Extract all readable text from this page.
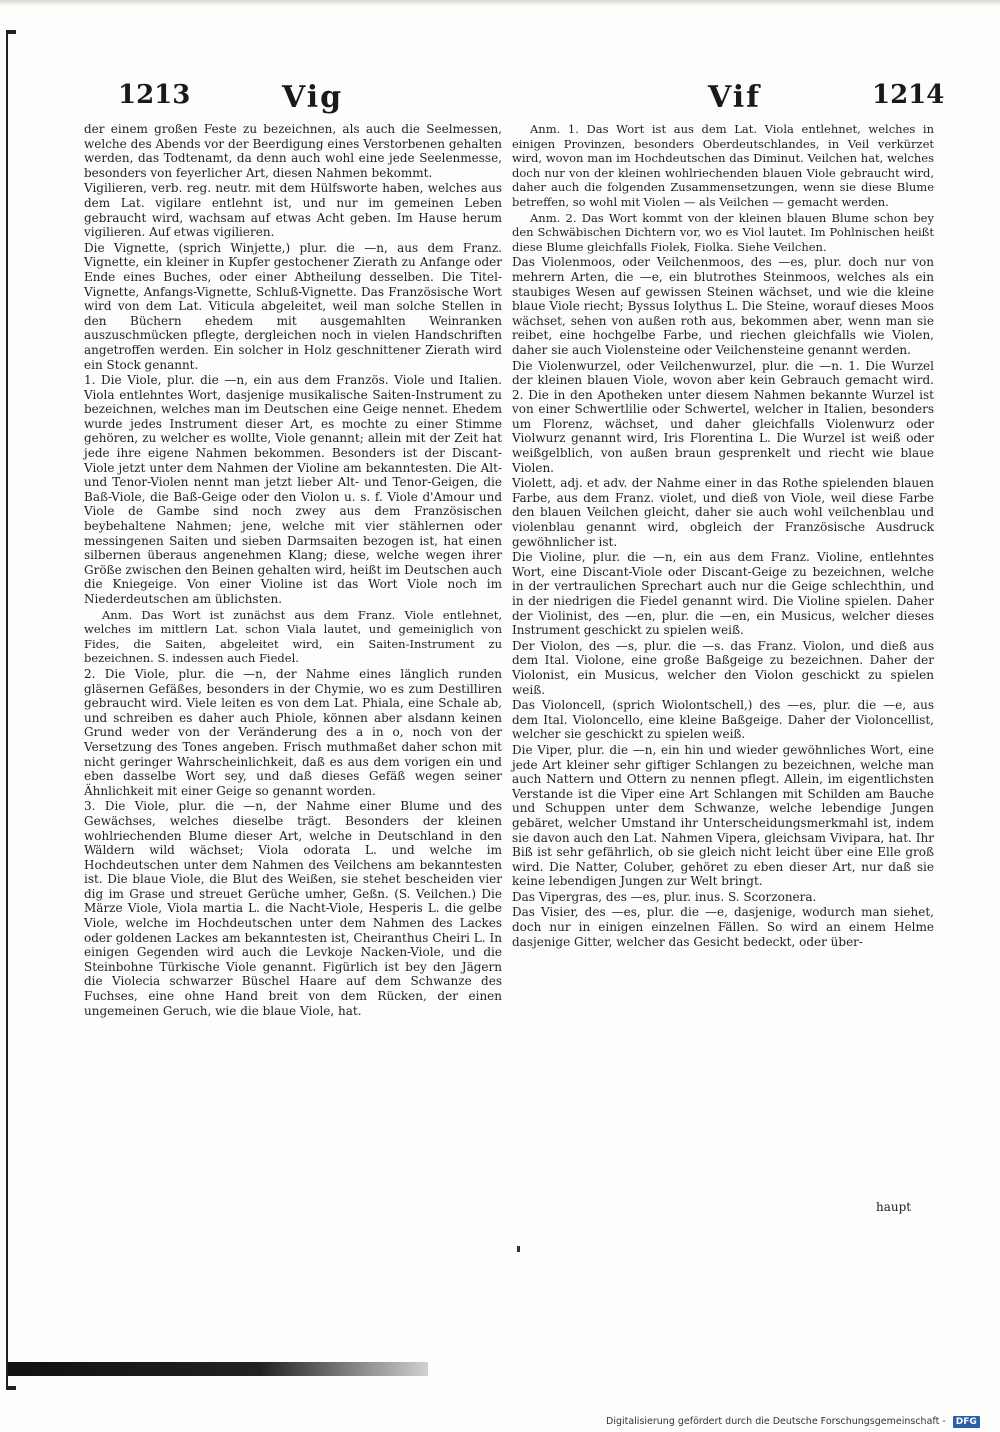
1213	Vig	Vif	1214

der einem großen Feste zu bezeichnen, als auch die Seelmessen, welche des Abends vor der Beerdigung eines Verstorbenen gehalten werden, das Todtenamt, da denn auch wohl eine jede Seelenmesse, besonders von feyerlicher Art, diesen Nahmen bekommt.

Vigilieren, verb. reg. neutr. mit dem Hülfsworte haben, welches aus dem Lat. vigilare entlehnt ist, und nur im gemeinen Leben gebraucht wird, wachsam auf etwas Acht geben. Im Hause herum vigilieren. Auf etwas vigilieren.

Die Vignette, (sprich Winjette,) plur. die —n, aus dem Franz. Vignette, ein kleiner in Kupfer gestochener Zierath zu Anfange oder Ende eines Buches, oder einer Abtheilung desselben. Die Titel-Vignette, Anfangs-Vignette, Schluß-Vignette. Das Französische Wort wird von dem Lat. Viticula abgeleitet, weil man solche Stellen in den Büchern ehedem mit ausgemahlten Weinranken auszuschmücken pflegte, dergleichen noch in vielen Handschriften angetroffen werden. Ein solcher in Holz geschnittener Zierath wird ein Stock genannt.

1. Die Viole, plur. die —n, ein aus dem Französ. Viole und Italien. Viola entlehntes Wort, dasjenige musikalische Saiten-Instrument zu bezeichnen, welches man im Deutschen eine Geige nennet. Ehedem wurde jedes Instrument dieser Art, es mochte zu einer Stimme gehören, zu welcher es wollte, Viole genannt; allein mit der Zeit hat jede ihre eigene Nahmen bekommen. Besonders ist der Discant-Viole jetzt unter dem Nahmen der Violine am bekanntesten. Die Alt- und Tenor-Violen nennt man jetzt lieber Alt- und Tenor-Geigen, die Baß-Viole, die Baß-Geige oder den Violon u. s. f. Viole d'Amour und Viole de Gambe sind noch zwey aus dem Französischen beybehaltene Nahmen; jene, welche mit vier stählernen oder messingenen Saiten und sieben Darmsaiten bezogen ist, hat einen silbernen überaus angenehmen Klang; diese, welche wegen ihrer Größe zwischen den Beinen gehalten wird, heißt im Deutschen auch die Kniegeige. Von einer Violine ist das Wort Viole noch im Niederdeutschen am üblichsten.

Anm. Das Wort ist zunächst aus dem Franz. Viole entlehnet, welches im mittlern Lat. schon Viala lautet, und gemeiniglich von Fides, die Saiten, abgeleitet wird, ein Saiten-Instrument zu bezeichnen. S. indessen auch Fiedel.

2. Die Viole, plur. die —n, der Nahme eines länglich runden gläsernen Gefäßes, besonders in der Chymie, wo es zum Destilliren gebraucht wird. Viele leiten es von dem Lat. Phiala, eine Schale ab, und schreiben es daher auch Phiole, können aber alsdann keinen Grund weder von der Veränderung des a in o, noch von der Versetzung des Tones angeben. Frisch muthmaßet daher schon mit nicht geringer Wahrscheinlichkeit, daß es aus dem vorigen ein und eben dasselbe Wort sey, und daß dieses Gefäß wegen seiner Ähnlichkeit mit einer Geige so genannt worden.

3. Die Viole, plur. die —n, der Nahme einer Blume und des Gewächses, welches dieselbe trägt. Besonders der kleinen wohlriechenden Blume dieser Art, welche in Deutschland in den Wäldern wild wächset; Viola odorata L. und welche im Hochdeutschen unter dem Nahmen des Veilchens am bekanntesten ist. Die blaue Viole, die Blut des Weißen, sie stehet bescheiden vier dig im Grase und streuet Gerüche umher, Geßn. (S. Veilchen.) Die Märze Viole, Viola martia L. die Nacht-Viole, Hesperis L. die gelbe Viole, welche im Hochdeutschen unter dem Nahmen des Lackes oder goldenen Lackes am bekanntesten ist, Cheiranthus Cheiri L. In einigen Gegenden wird auch die Levkoje Nacken-Viole, und die Steinbohne Türkische Viole genannt. Figürlich ist bey den Jägern die Violecia schwarzer Büschel Haare auf dem Schwanze des Fuchses, eine ohne Hand breit von dem Rücken, der einen ungemeinen Geruch, wie die blaue Viole, hat.

Anm. 1. Das Wort ist aus dem Lat. Viola entlehnet, welches in einigen Provinzen, besonders Oberdeutschlandes, in Veil verkürzet wird, wovon man im Hochdeutschen das Diminut. Veilchen hat, welches doch nur von der kleinen wohlriechenden blauen Viole gebraucht wird, daher auch die folgenden Zusammensetzungen, wenn sie diese Blume betreffen, so wohl mit Violen — als Veilchen — gemacht werden.

Anm. 2. Das Wort kommt von der kleinen blauen Blume schon bey den Schwäbischen Dichtern vor, wo es Viol lautet. Im Pohlnischen heißt diese Blume gleichfalls Fiolek, Fiolka. Siehe Veilchen.

Das Violenmoos, oder Veilchenmoos, des —es, plur. doch nur von mehrern Arten, die —e, ein blutrothes Steinmoos, welches als ein staubiges Wesen auf gewissen Steinen wächset, und wie die kleine blaue Viole riecht; Byssus Iolythus L. Die Steine, worauf dieses Moos wächset, sehen von außen roth aus, bekommen aber, wenn man sie reibet, eine hochgelbe Farbe, und riechen gleichfalls wie Violen, daher sie auch Violensteine oder Veilchensteine genannt werden.

Die Violenwurzel, oder Veilchenwurzel, plur. die —n. 1. Die Wurzel der kleinen blauen Viole, wovon aber kein Gebrauch gemacht wird. 2. Die in den Apotheken unter diesem Nahmen bekannte Wurzel ist von einer Schwertlilie oder Schwertel, welcher in Italien, besonders um Florenz, wächset, und daher gleichfalls Violenwurz oder Violwurz genannt wird, Iris Florentina L. Die Wurzel ist weiß oder weißgelblich, von außen braun gesprenkelt und riecht wie blaue Violen.

Violett, adj. et adv. der Nahme einer in das Rothe spielenden blauen Farbe, aus dem Franz. violet, und dieß von Viole, weil diese Farbe den blauen Veilchen gleicht, daher sie auch wohl veilchenblau und violenblau genannt wird, obgleich der Französische Ausdruck gewöhnlicher ist.

Die Violine, plur. die —n, ein aus dem Franz. Violine, entlehntes Wort, eine Discant-Viole oder Discant-Geige zu bezeichnen, welche in der vertraulichen Sprechart auch nur die Geige schlechthin, und in der niedrigen die Fiedel genannt wird. Die Violine spielen. Daher der Violinist, des —en, plur. die —en, ein Musicus, welcher dieses Instrument geschickt zu spielen weiß.

Der Violon, des —s, plur. die —s. das Franz. Violon, und dieß aus dem Ital. Violone, eine große Baßgeige zu bezeichnen. Daher der Violonist, ein Musicus, welcher den Violon geschickt zu spielen weiß.

Das Violoncell, (sprich Wiolontschell,) des —es, plur. die —e, aus dem Ital. Violoncello, eine kleine Baßgeige. Daher der Violoncellist, welcher sie geschickt zu spielen weiß.

Die Viper, plur. die —n, ein hin und wieder gewöhnliches Wort, eine jede Art kleiner sehr giftiger Schlangen zu bezeichnen, welche man auch Nattern und Ottern zu nennen pflegt. Allein, im eigentlichsten Verstande ist die Viper eine Art Schlangen mit Schilden am Bauche und Schuppen unter dem Schwanze, welche lebendige Jungen gebäret, welcher Umstand ihr Unterscheidungsmerkmahl ist, indem sie davon auch den Lat. Nahmen Vipera, gleichsam Vivipara, hat. Ihr Biß ist sehr gefährlich, ob sie gleich nicht leicht über eine Elle groß wird. Die Natter, Coluber, gehöret zu eben dieser Art, nur daß sie keine lebendigen Jungen zur Welt bringt.

Das Vipergras, des —es, plur. inus. S. Scorzonera.

Das Visier, des —es, plur. die —e, dasjenige, wodurch man siehet, doch nur in einigen einzelnen Fällen. So wird an einem Helme dasjenige Gitter, welcher das Gesicht bedeckt, oder über-

haupt
Digitalisierung gefördert durch die Deutsche Forschungsgemeinschaft - DFG
